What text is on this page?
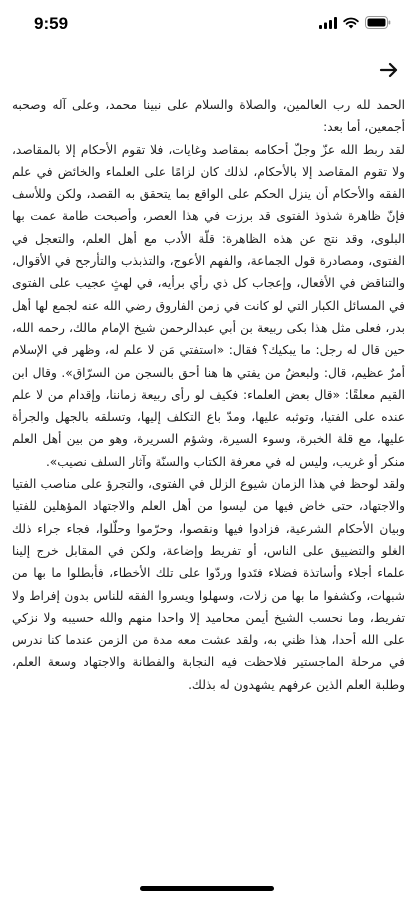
9:59

الحمد لله رب العالمين، والصلاة والسلام على نبينا محمد، وعلى آله وصحبه أجمعين، أما بعد:

لقد ربط الله عزّ وجلّ أحكامه بمقاصد وغايات، فلا تقوم الأحكام إلا بالمقاصد، ولا تقوم المقاصد إلا بالأحكام، لذلك كان لزامًا على العلماء والخائض في علم الفقه والأحكام أن ينزل الحكم على الواقع بما يتحقق به القصد، ولكن وللأسف فإنّ ظاهرة شذوذ الفتوى قد برزت في هذا العصر، وأصبحت طامة عمت بها البلوى، وقد نتج عن هذه الظاهرة: قلّة الأدب مع أهل العلم، والتعجل في الفتوى، ومصادرة قول الجماعة، والفهم الأعوج، والتذبذب والتأرجح في الأقوال، والتناقض في الأفعال، وإعجاب كل ذي رأي برأيه، في لهثٍ عجيب على الفتوى في المسائل الكبار التي لو كانت في زمن الفاروق رضي الله عنه لجمع لها أهل بدر، فعلى مثل هذا بكى ربيعة بن أبي عبدالرحمن شيخ الإمام مالك، رحمه الله، حين قال له رجل: ما يبكيك؟ فقال: «استفتي مَن لا علم له، وظهر في الإسلام أمرٌ عظيم، قال: ولبعضُ من يفتي ها هنا أحق بالسجن من السرّاق». وقال ابن القيم معلقًا: «قال بعض العلماء: فكيف لو رأى ربيعة زماننا، وإقدام من لا علم عنده على الفتيا، وتوثبه عليها، ومدّ باع التكلف إليها، وتسلقه بالجهل والجرأة عليها، مع قلة الخبرة، وسوء السيرة، وشؤم السريرة، وهو من بين أهل العلم منكر أو غريب، وليس له في معرفة الكتاب والسنّة وآثار السلف نصيب».

ولقد لوحظ في هذا الزمان شيوع الزلل في الفتوى، والتجرؤ على مناصب الفتيا والاجتهاد، حتى خاض فيها من ليسوا من أهل العلم والاجتهاد المؤهلين للفتيا وبيان الأحكام الشرعية، فزادوا فيها ونقصوا، وحرّموا وحلّلوا، فجاء جراء ذلك الغلو والتضييق على الناس، أو تفريط وإضاعة، ولكن في المقابل خرج إلينا علماء أجلاء وأساتذة فضلاء فتَدوا وردّوا على تلك الأخطاء، فأبطلوا ما بها من شبهات، وكشفوا ما بها من زلات، وسهلوا ويسروا الفقه للناس بدون إفراط ولا تفريط، وما نحسب الشيخ أيمن محاميد إلا واحدا منهم والله حسيبه ولا نزكي على الله أحدا، هذا ظني به، ولقد عشت معه مدة من الزمن عندما كنا ندرس في مرحلة الماجستير فلاحظت فيه النجابة والفطانة والاجتهاد وسعة العلم، وطلبة العلم الذين عرفهم يشهدون له بذلك.
